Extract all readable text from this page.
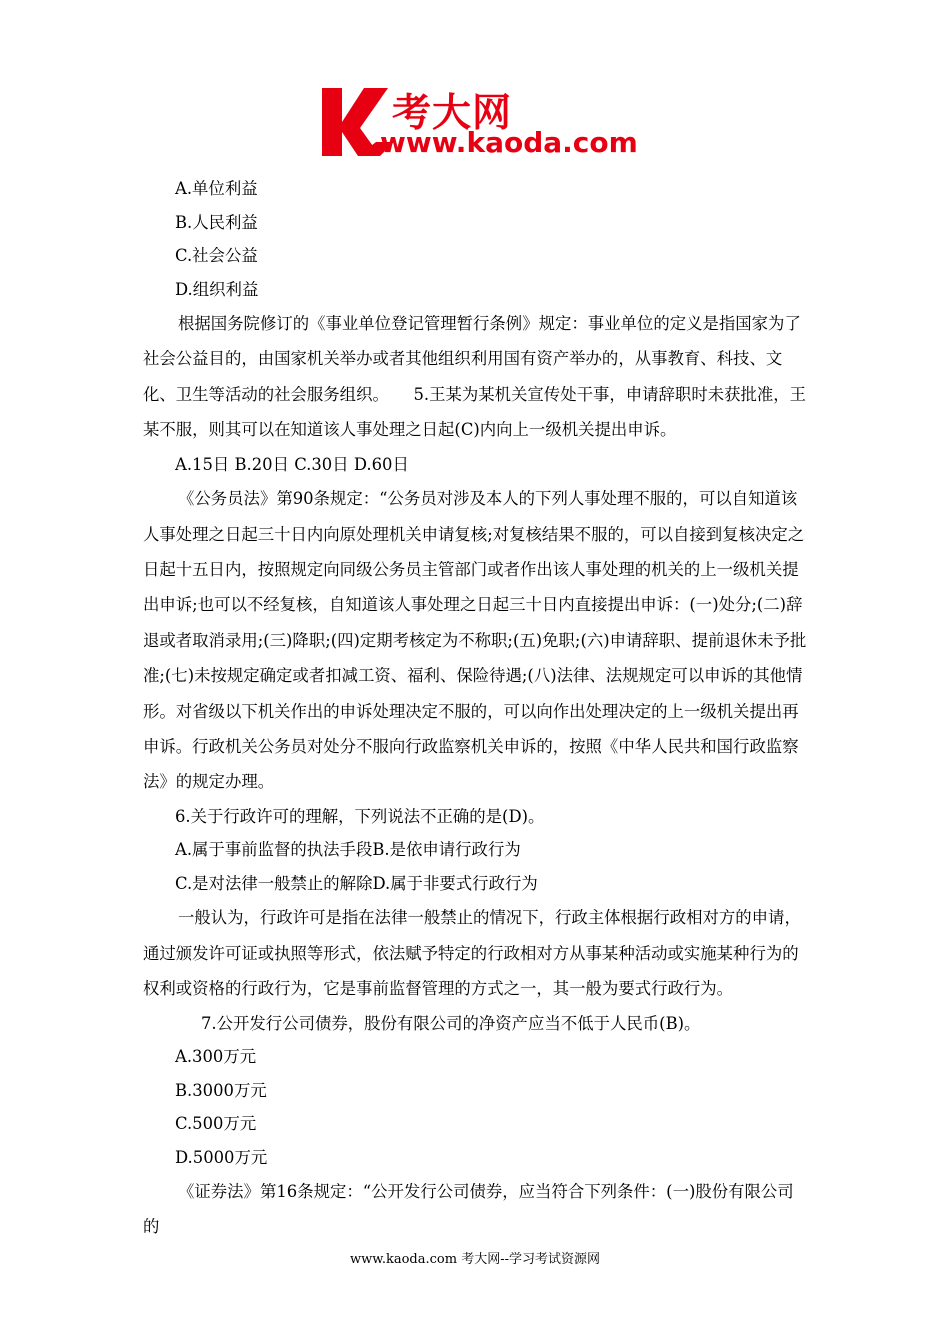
考大网
www.kaoda.com

A.单位利益

B.人民利益

C.社会公益

D.组织利益

根据国务院修订的《事业单位登记管理暂行条例》规定：事业单位的定义是指国家为了社会公益目的，由国家机关举办或者其他组织利用国有资产举办的，从事教育、科技、文化、卫生等活动的社会服务组织。　　5.王某为某机关宣传处干事，申请辞职时未获批准，王某不服，则其可以在知道该人事处理之日起(C)内向上一级机关提出申诉。

A.15日 B.20日 C.30日 D.60日

《公务员法》第90条规定：“公务员对涉及本人的下列人事处理不服的，可以自知道该人事处理之日起三十日内向原处理机关申请复核;对复核结果不服的，可以自接到复核决定之日起十五日内，按照规定向同级公务员主管部门或者作出该人事处理的机关的上一级机关提出申诉;也可以不经复核，自知道该人事处理之日起三十日内直接提出申诉：(一)处分;(二)辞退或者取消录用;(三)降职;(四)定期考核定为不称职;(五)免职;(六)申请辞职、提前退休未予批准;(七)未按规定确定或者扣减工资、福利、保险待遇;(八)法律、法规规定可以申诉的其他情形。对省级以下机关作出的申诉处理决定不服的，可以向作出处理决定的上一级机关提出再申诉。行政机关公务员对处分不服向行政监察机关申诉的，按照《中华人民共和国行政监察法》的规定办理。

6.关于行政许可的理解，下列说法不正确的是(D)。

A.属于事前监督的执法手段B.是依申请行政行为

C.是对法律一般禁止的解除D.属于非要式行政行为

一般认为，行政许可是指在法律一般禁止的情况下，行政主体根据行政相对方的申请，通过颁发许可证或执照等形式，依法赋予特定的行政相对方从事某种活动或实施某种行为的权利或资格的行政行为，它是事前监督管理的方式之一，其一般为要式行政行为。

7.公开发行公司债券，股份有限公司的净资产应当不低于人民币(B)。

A.300万元

B.3000万元

C.500万元

D.5000万元

《证券法》第16条规定：“公开发行公司债券，应当符合下列条件：(一)股份有限公司的

www.kaoda.com 考大网--学习考试资源网
